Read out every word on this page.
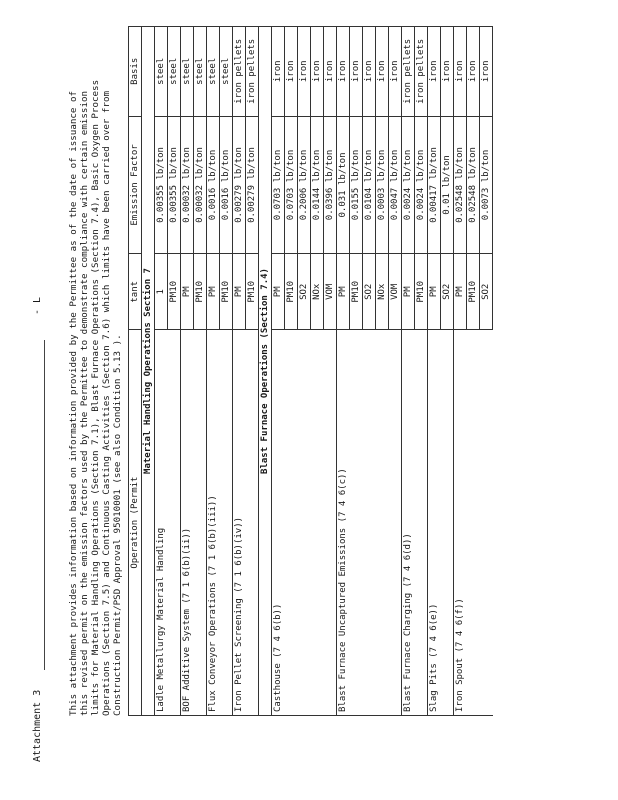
Attachment 3
- L	This attachment provides information based on information provided by the Permittee as of the date of issuance of this revised permit on the emission factors used by the Permittee to demonstrate compliance with certain emission limits for Material Handling Operations (Section 7.1), Blast Furnace Operations (Section 7.4), Basic Oxygen Process Operations (Section 7.5) and Continuous Casting Activities (Section 7.6) which limits have been carried over from Construction Permit/PSD Approval 95010001 (see also Condition 5.13 ). Operation (Permit	tant	Emission Factor	Basis
Material Handling Operations Section 7			
Ladle Metallurgy Material Handling	1	0.00355 lb/ton	steel
	PM10	0.00355 lb/ton	steel
BOF Additive System (7 1 6(b)(ii))	PM	0.00032 lb/ton	steel
	PM10	0.00032 lb/ton	steel
Flux Conveyor Operations (7 1 6(b)(iii))	PM	0.0016 lb/ton	steel
	PM10	0.0016 lb/ton	steel
Iron Pellet Screening (7 1 6(b)(iv))	PM	0.00279 lb/ton	iron pellets
	PM10	0.00279 lb/ton	iron pellets
Blast Furnace Operations (Section 7.4)			
Casthouse (7 4 6(b))	PM	0.0703 lb/ton	iron
	PM10	0.0703 lb/ton	iron
	SO2	0.2006 lb/ton	iron
	NOx	0.0144 lb/ton	iron
	VOM	0.0396 lb/ton	iron
Blast Furnace Uncaptured Emissions (7 4 6(c))	PM	0.031 lb/ton	iron
	PM10	0.0155 lb/ton	iron
	SO2	0.0104 lb/ton	iron
	NOx	0.0003 lb/ton	iron
	VOM	0.0047 lb/ton	iron
Blast Furnace Charging (7 4 6(d))	PM	0.0024 lb/ton	iron pellets
	PM10	0.0024 lb/ton	iron pellets
Slag Pits (7 4 6(e))	PM	0.00417 lb/ton	iron
	SO2	0.01 lb/ton	iron
Iron Spout (7 4 6(f))	PM	0.02548 lb/ton	iron
	PM10	0.02548 lb/ton	iron
	SO2	0.0073 lb/ton	iron
